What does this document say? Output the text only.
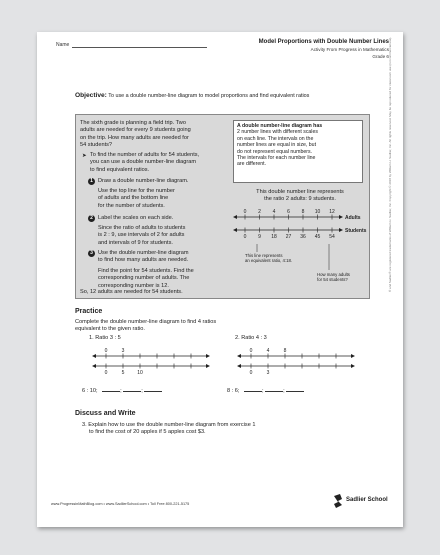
Name	Model Proportions with Double Number Lines
Activity From Progress in Mathematics
Grade 6
Objective: To use a double number-line diagram to model proportions and find equivalent ratios
The sixth grade is planning a field trip. Two
adults are needed for every 9 students going
on the trip. How many adults are needed for
54 students?
➤ To find the number of adults for 54 students,
you can use a double number-line diagram
to find equivalent ratios.
1 Draw a double number-line diagram.
Use the top line for the number
of adults and the bottom line
for the number of students.
2 Label the scales on each side.
Since the ratio of adults to students
is 2 : 9, use intervals of 2 for adults
and intervals of 9 for students.
3 Use the double number-line diagram
to find how many adults are needed.
Find the point for 54 students. Find the
corresponding number of adults. The
corresponding number is 12.
So, 12 adults are needed for 54 students.
A double number-line diagram has
2 number lines with different scales
on each line. The intervals on the
number lines are equal in size, but
do not represent equal numbers.
The intervals for each number line
are different.
This double number line represents
the ratio 2 adults: 9 students.
0
0
2
9
4
18
6
27
8
36
10
45
12
54
Adults
Students
This line represents
an equivalent ratio, 4:18.
How many adults
for 54 students?
Practice
Complete the double number-line diagram to find 4 ratios
equivalent to the given ratio.
1. Ratio 3 : 5	2. Ratio 4 : 3
0
0
3
5	10
0
0
4
3
8
6 : 10;	;	;	8 : 6;	;	;
Discuss and Write
3. Explain how to use the double number-line diagram from exercise 1
to find the cost of 20 apples if 5 apples cost $3.
www.ProgressinMathBlog.com • www.SadlierSchool.com • Toll Free 800-221-5175
Sadlier School
® and Sadlier® are registered trademarks of William H. Sadlier, Inc. Copyright © 2018 by William H. Sadlier, Inc. All rights reserved. May be reproduced for classroom use (not commercial use).
